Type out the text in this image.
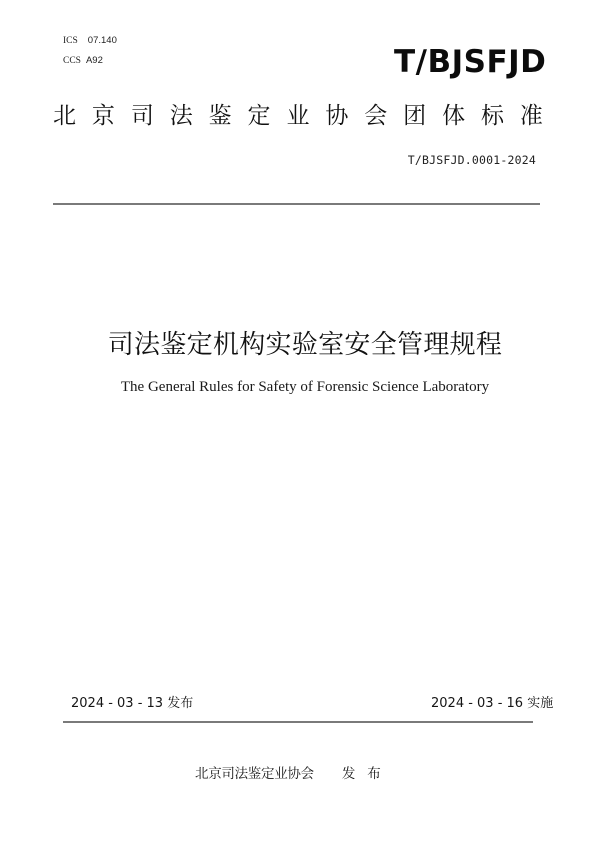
ICS 07.140
CCS A92	T/BJSFJD
北 京 司 法 鉴 定 业 协 会 团 体 标 准
T/BJSFJD.0001-2024
司法鉴定机构实验室安全管理规程
The General Rules for Safety of Forensic Science Laboratory
2024 - 03 - 13 发布	2024 - 03 - 16 实施
北京司法鉴定业协会 发布
